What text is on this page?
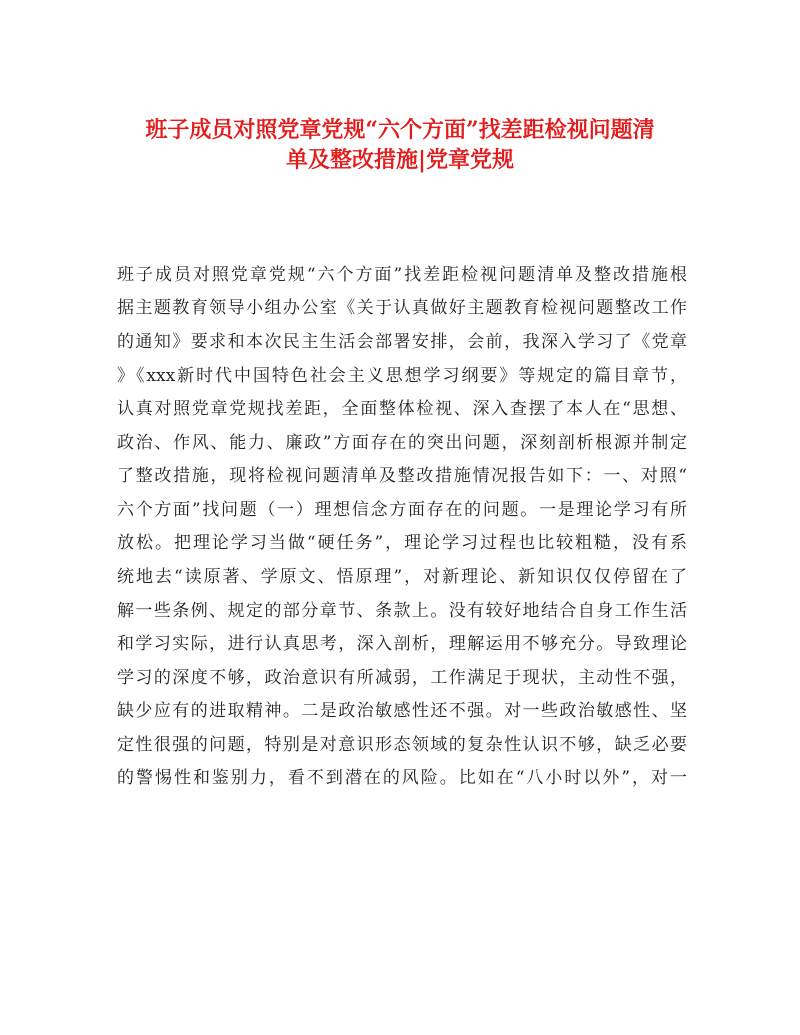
班子成员对照党章党规“六个方面”找差距检视问题清
单及整改措施|党章党规
班子成员对照党章党规“六个方面”找差距检视问题清单及整改措施根
据主题教育领导小组办公室《关于认真做好主题教育检视问题整改工作
的通知》要求和本次民主生活会部署安排，会前，我深入学习了《党章
》《xxx新时代中国特色社会主义思想学习纲要》等规定的篇目章节，
认真对照党章党规找差距，全面整体检视、深入查摆了本人在“思想、
政治、作风、能力、廉政”方面存在的突出问题，深刻剖析根源并制定
了整改措施，现将检视问题清单及整改措施情况报告如下：一、对照“
六个方面”找问题（一）理想信念方面存在的问题。一是理论学习有所
放松。把理论学习当做“硬任务”，理论学习过程也比较粗糙，没有系
统地去“读原著、学原文、悟原理”，对新理论、新知识仅仅停留在了
解一些条例、规定的部分章节、条款上。没有较好地结合自身工作生活
和学习实际，进行认真思考，深入剖析，理解运用不够充分。导致理论
学习的深度不够，政治意识有所减弱，工作满足于现状，主动性不强，
缺少应有的进取精神。二是政治敏感性还不强。对一些政治敏感性、坚
定性很强的问题，特别是对意识形态领域的复杂性认识不够，缺乏必要
的警惕性和鉴别力，看不到潜在的风险。比如在“八小时以外”，对一
